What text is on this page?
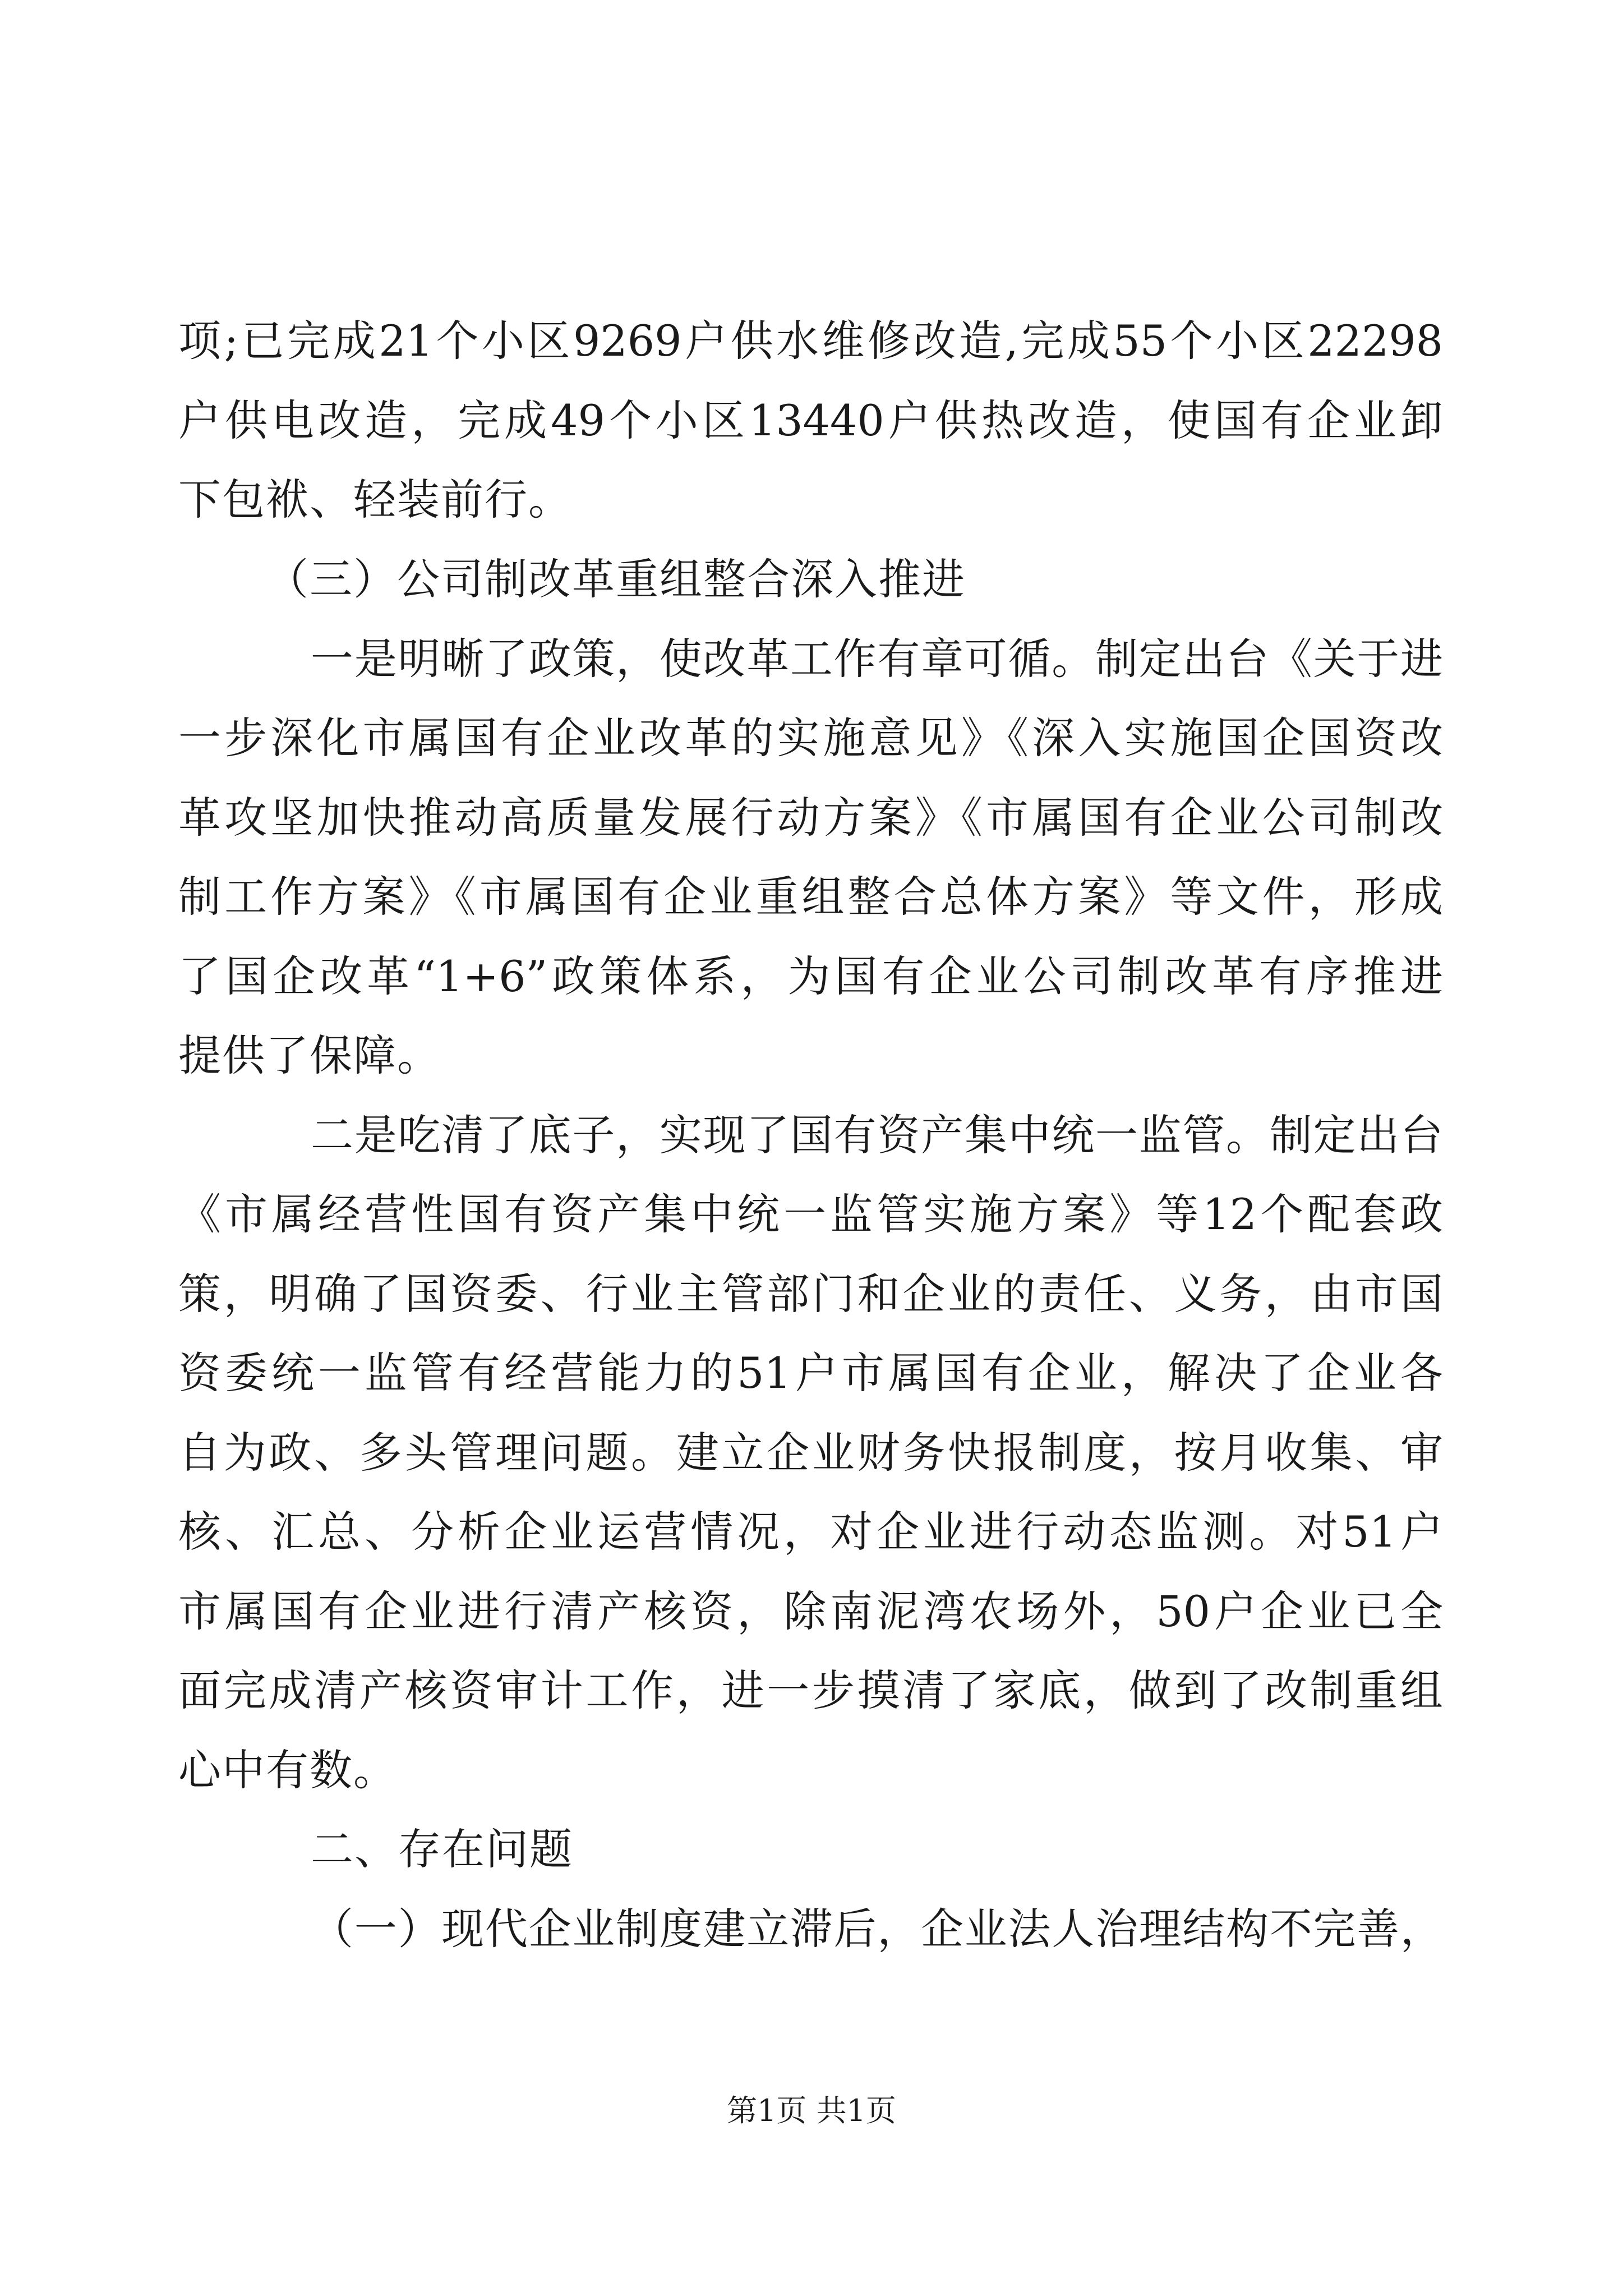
项;已完成21个小区9269户供水维修改造,完成55个小区22298
户供电改造，完成49个小区13440户供热改造，使国有企业卸
下包袱、轻装前行。
（三）公司制改革重组整合深入推进
一是明晰了政策，使改革工作有章可循。制定出台《关于进
一步深化市属国有企业改革的实施意见》《深入实施国企国资改
革攻坚加快推动高质量发展行动方案》《市属国有企业公司制改
制工作方案》《市属国有企业重组整合总体方案》等文件，形成
了国企改革“1+6”政策体系，为国有企业公司制改革有序推进
提供了保障。
二是吃清了底子，实现了国有资产集中统一监管。制定出台
《市属经营性国有资产集中统一监管实施方案》等12个配套政
策，明确了国资委、行业主管部门和企业的责任、义务，由市国
资委统一监管有经营能力的51户市属国有企业，解决了企业各
自为政、多头管理问题。建立企业财务快报制度，按月收集、审
核、汇总、分析企业运营情况，对企业进行动态监测。对51户
市属国有企业进行清产核资，除南泥湾农场外，50户企业已全
面完成清产核资审计工作，进一步摸清了家底，做到了改制重组
心中有数。
二、存在问题
（一）现代企业制度建立滞后，企业法人治理结构不完善，
第1页 共1页
